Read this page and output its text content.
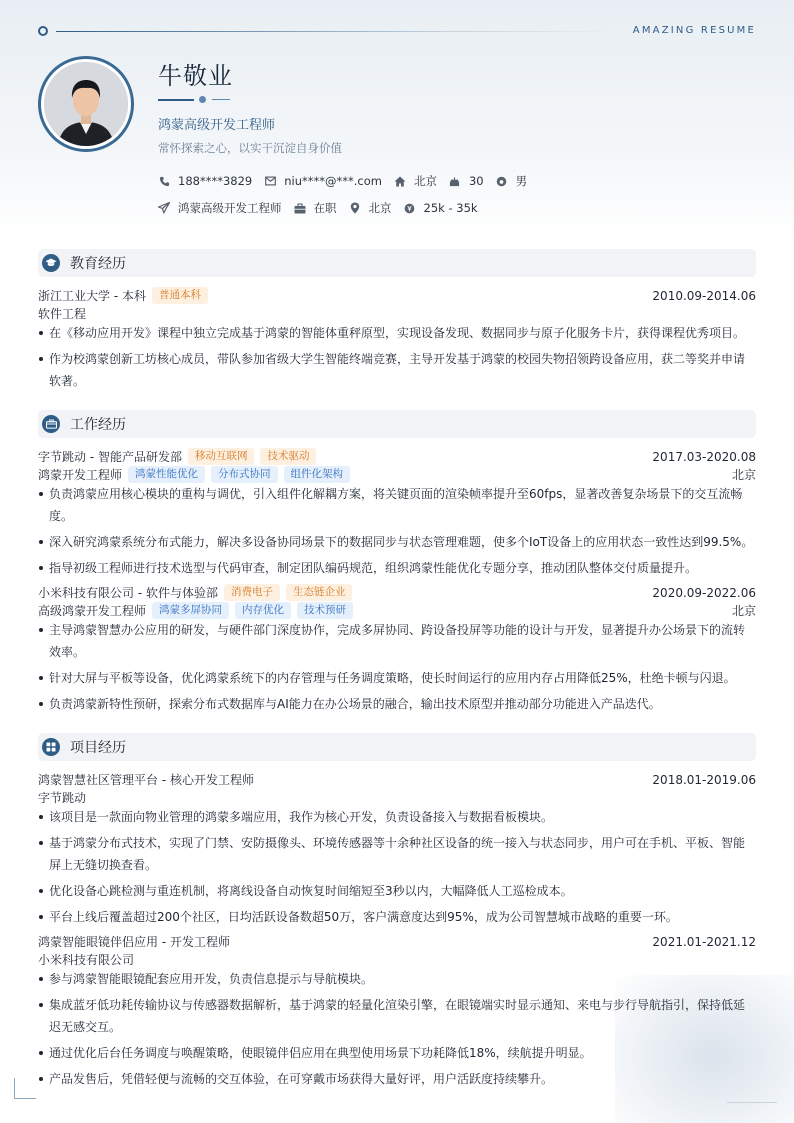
AMAZING RESUME
牛敬业
鸿蒙高级开发工程师
常怀探索之心，以实干沉淀自身价值
188****3829	niu****@***.com	北京	30	男
鸿蒙高级开发工程师	在职	北京	25k - 35k
教育经历
浙江工业大学 - 本科	普通本科	2010.09-2014.06
软件工程
在《移动应用开发》课程中独立完成基于鸿蒙的智能体重秤原型，实现设备发现、数据同步与原子化服务卡片，获得课程优秀项目。
作为校鸿蒙创新工坊核心成员，带队参加省级大学生智能终端竞赛，主导开发基于鸿蒙的校园失物招领跨设备应用，获二等奖并申请软著。
工作经历
字节跳动 - 智能产品研发部	移动互联网	技术驱动	2017.03-2020.08
鸿蒙开发工程师	鸿蒙性能优化	分布式协同	组件化架构	北京
负责鸿蒙应用核心模块的重构与调优，引入组件化解耦方案，将关键页面的渲染帧率提升至60fps，显著改善复杂场景下的交互流畅度。
深入研究鸿蒙系统分布式能力，解决多设备协同场景下的数据同步与状态管理难题，使多个IoT设备上的应用状态一致性达到99.5%。
指导初级工程师进行技术选型与代码审查，制定团队编码规范，组织鸿蒙性能优化专题分享，推动团队整体交付质量提升。
小米科技有限公司 - 软件与体验部	消费电子	生态链企业	2020.09-2022.06
高级鸿蒙开发工程师	鸿蒙多屏协同	内存优化	技术预研	北京
主导鸿蒙智慧办公应用的研发，与硬件部门深度协作，完成多屏协同、跨设备投屏等功能的设计与开发，显著提升办公场景下的流转效率。
针对大屏与平板等设备，优化鸿蒙系统下的内存管理与任务调度策略，使长时间运行的应用内存占用降低25%，杜绝卡顿与闪退。
负责鸿蒙新特性预研，探索分布式数据库与AI能力在办公场景的融合，输出技术原型并推动部分功能进入产品迭代。
项目经历
鸿蒙智慧社区管理平台 - 核心开发工程师	2018.01-2019.06
字节跳动
该项目是一款面向物业管理的鸿蒙多端应用，我作为核心开发，负责设备接入与数据看板模块。
基于鸿蒙分布式技术，实现了门禁、安防摄像头、环境传感器等十余种社区设备的统一接入与状态同步，用户可在手机、平板、智能屏上无缝切换查看。
优化设备心跳检测与重连机制，将离线设备自动恢复时间缩短至3秒以内，大幅降低人工巡检成本。
平台上线后覆盖超过200个社区，日均活跃设备数超50万，客户满意度达到95%，成为公司智慧城市战略的重要一环。
鸿蒙智能眼镜伴侣应用 - 开发工程师	2021.01-2021.12
小米科技有限公司
参与鸿蒙智能眼镜配套应用开发，负责信息提示与导航模块。
集成蓝牙低功耗传输协议与传感器数据解析，基于鸿蒙的轻量化渲染引擎，在眼镜端实时显示通知、来电与步行导航指引，保持低延迟无感交互。
通过优化后台任务调度与唤醒策略，使眼镜伴侣应用在典型使用场景下功耗降低18%，续航提升明显。
产品发售后，凭借轻便与流畅的交互体验，在可穿戴市场获得大量好评，用户活跃度持续攀升。
